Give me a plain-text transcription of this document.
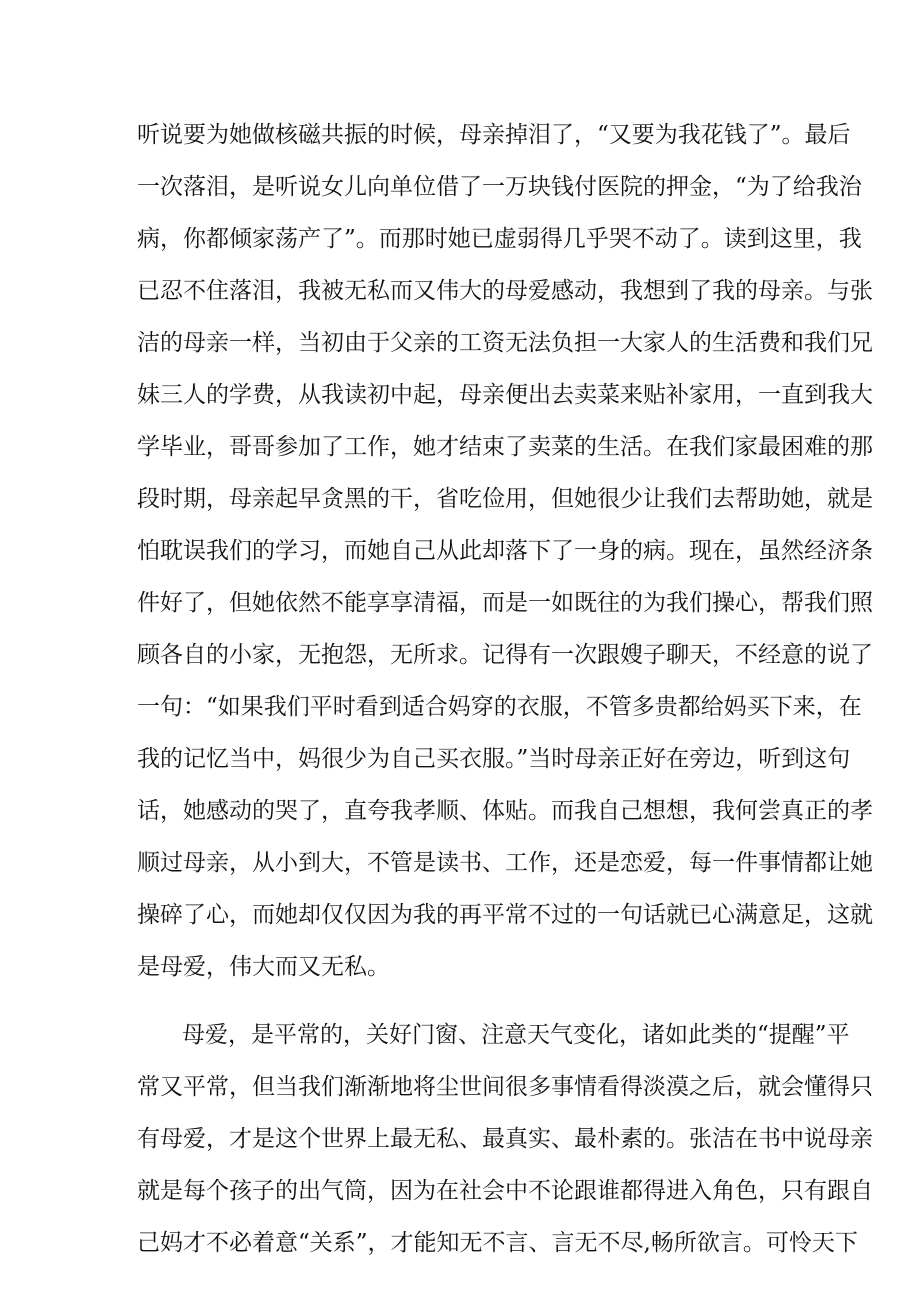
听说要为她做核磁共振的时候，母亲掉泪了，“又要为我花钱了”。最后
一次落泪，是听说女儿向单位借了一万块钱付医院的押金，“为了给我治
病，你都倾家荡产了”。而那时她已虚弱得几乎哭不动了。读到这里，我
已忍不住落泪，我被无私而又伟大的母爱感动，我想到了我的母亲。与张
洁的母亲一样，当初由于父亲的工资无法负担一大家人的生活费和我们兄
妹三人的学费，从我读初中起，母亲便出去卖菜来贴补家用，一直到我大
学毕业，哥哥参加了工作，她才结束了卖菜的生活。在我们家最困难的那
段时期，母亲起早贪黑的干，省吃俭用，但她很少让我们去帮助她，就是
怕耽误我们的学习，而她自己从此却落下了一身的病。现在，虽然经济条
件好了，但她依然不能享享清福，而是一如既往的为我们操心，帮我们照
顾各自的小家，无抱怨，无所求。记得有一次跟嫂子聊天，不经意的说了
一句：“如果我们平时看到适合妈穿的衣服，不管多贵都给妈买下来，在
我的记忆当中，妈很少为自己买衣服。”当时母亲正好在旁边，听到这句
话，她感动的哭了，直夸我孝顺、体贴。而我自己想想，我何尝真正的孝
顺过母亲，从小到大，不管是读书、工作，还是恋爱，每一件事情都让她
操碎了心，而她却仅仅因为我的再平常不过的一句话就已心满意足，这就
是母爱，伟大而又无私。
母爱，是平常的，关好门窗、注意天气变化，诸如此类的“提醒”平
常又平常，但当我们渐渐地将尘世间很多事情看得淡漠之后，就会懂得只
有母爱，才是这个世界上最无私、最真实、最朴素的。张洁在书中说母亲
就是每个孩子的出气筒，因为在社会中不论跟谁都得进入角色，只有跟自
己妈才不必着意“关系”，才能知无不言、言无不尽,畅所欲言。可怜天下
